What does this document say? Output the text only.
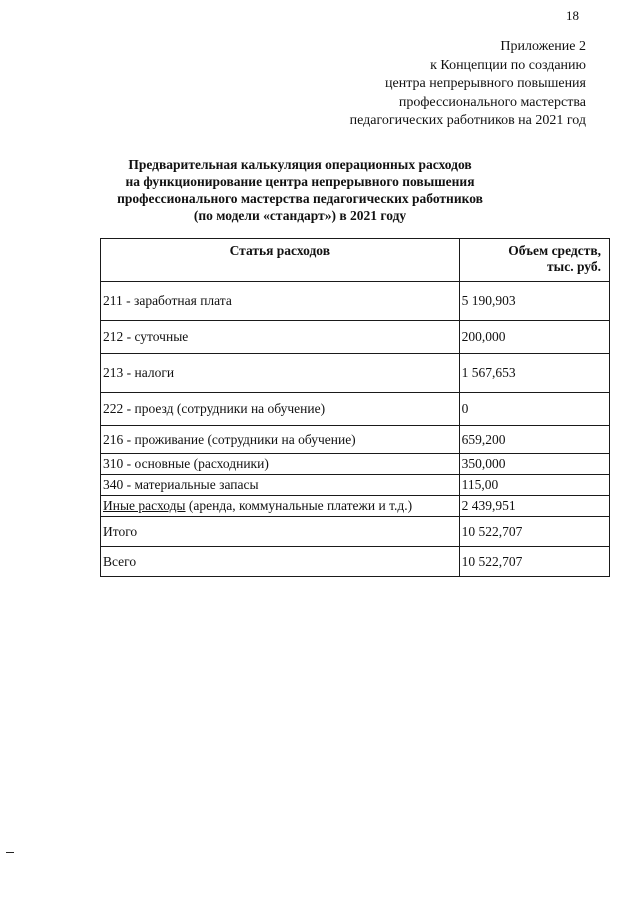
18
Приложение 2
к Концепции по созданию
центра непрерывного повышения
профессионального мастерства
педагогических работников на 2021 год
Предварительная калькуляция операционных расходов
на функционирование центра непрерывного повышения
профессионального мастерства педагогических работников
(по модели «стандарт») в 2021 году
Статья расходов	Объем средств,
тыс. руб.

211 - заработная плата	5 190,903
212 - суточные	200,000
213 - налоги	1 567,653
222 - проезд (сотрудники на обучение)	0
216 - проживание (сотрудники на обучение)	659,200
310 - основные (расходники)	350,000
340 - материальные запасы	115,00
Иные расходы (аренда, коммунальные платежи и т.д.)	2 439,951
Итого	10 522,707
Всего	10 522,707
